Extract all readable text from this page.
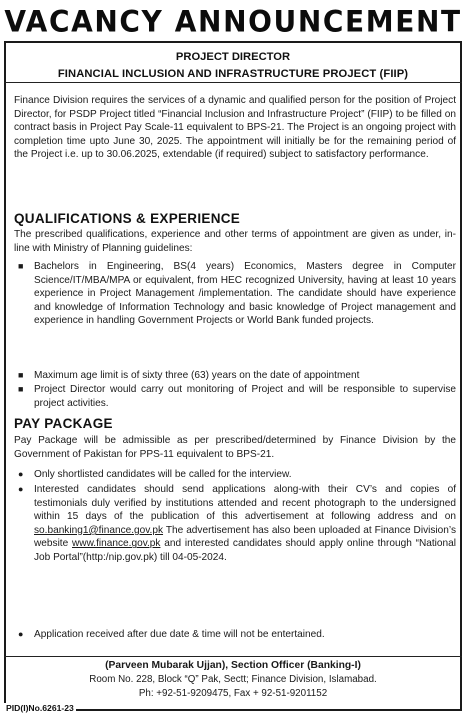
VACANCY ANNOUNCEMENT
PROJECT DIRECTOR
FINANCIAL INCLUSION AND INFRASTRUCTURE PROJECT (FIIP)
Finance Division requires the services of a dynamic and qualified person for the position of Project Director, for PSDP Project titled “Financial Inclusion and Infrastructure Project” (FIIP) to be filled on contract basis in Project Pay Scale-11 equivalent to BPS-21. The Project is an ongoing project with completion time upto June 30, 2025. The appointment will initially be for the remaining period of the Project i.e. up to 30.06.2025, extendable (if required) subject to satisfactory performance.
QUALIFICATIONS & EXPERIENCE
The prescribed qualifications, experience and other terms of appointment are given as under, in-line with Ministry of Planning guidelines:
■ Bachelors in Engineering, BS(4 years) Economics, Masters degree in Computer Science/IT/MBA/MPA or equivalent, from HEC recognized University, having at least 10 years experience in Project Management /implementation. The candidate should have experience and knowledge of Information Technology and basic knowledge of Project management and experience in handling Government Projects or World Bank funded projects.
■ Maximum age limit is of sixty three (63) years on the date of appointment
■ Project Director would carry out monitoring of Project and will be responsible to supervise project activities.
PAY PACKAGE
Pay Package will be admissible as per prescribed/determined by Finance Division by the Government of Pakistan for PPS-11 equivalent to BPS-21.
● Only shortlisted candidates will be called for the interview.
● Interested candidates should send applications along-with their CV’s and copies of testimonials duly verified by institutions attended and recent photograph to the undersigned within 15 days of the publication of this advertisement at following address and on so.banking1@finance.gov.pk The advertisement has also been uploaded at Finance Division’s website www.finance.gov.pk and interested candidates should apply online through “National Job Portal”(http:/nip.gov.pk) till 04-05-2024.
● Application received after due date & time will not be entertained.
(Parveen Mubarak Ujjan), Section Officer (Banking-I)
Room No. 228, Block “Q” Pak, Sectt; Finance Division, Islamabad.
Ph: +92-51-9209475, Fax + 92-51-9201152
PID(I)No.6261-23
